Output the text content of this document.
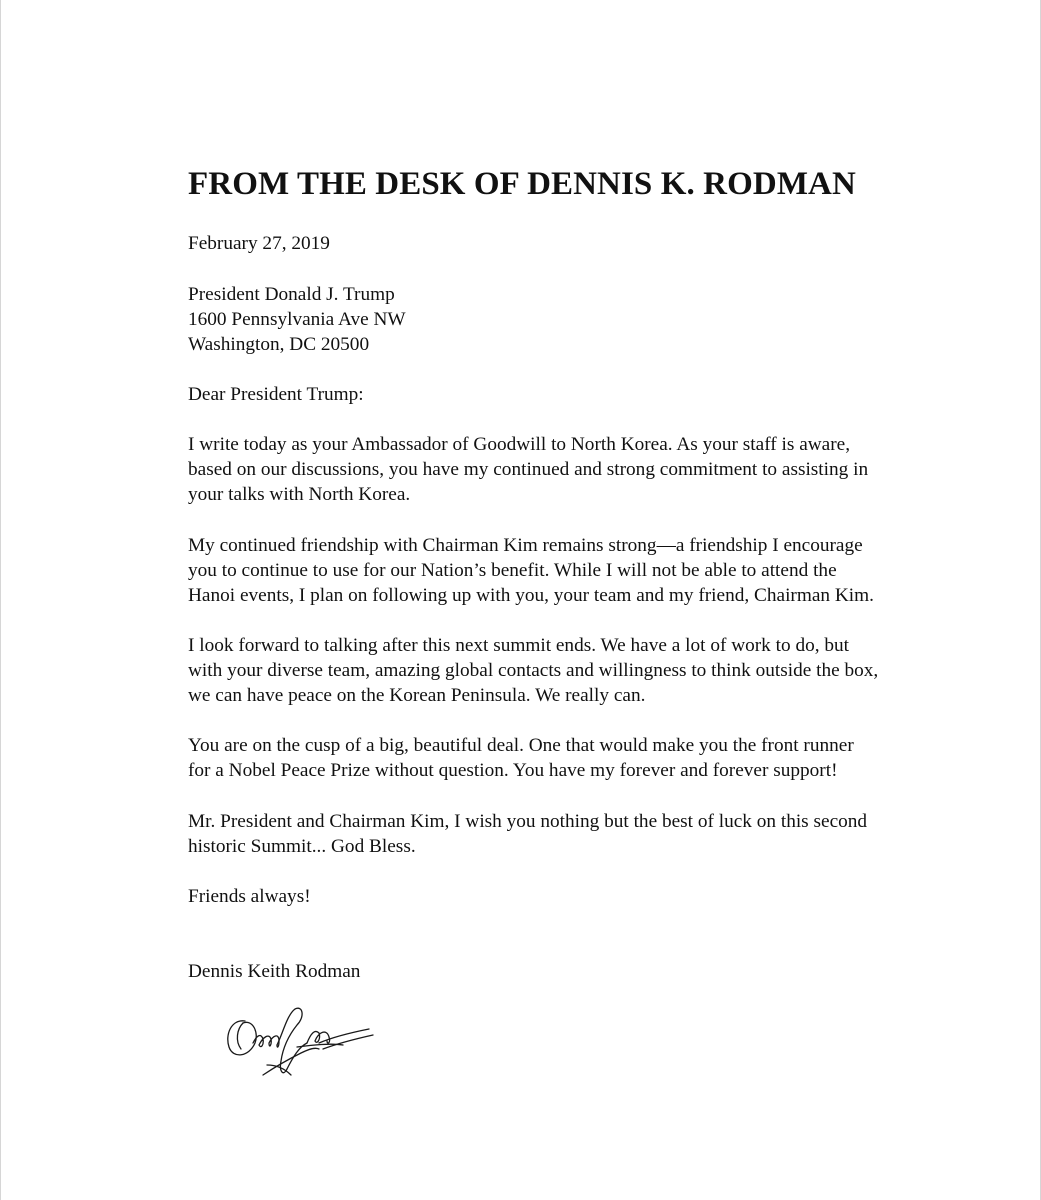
FROM THE DESK OF DENNIS K. RODMAN

February 27, 2019

President Donald J. Trump
1600 Pennsylvania Ave NW
Washington, DC 20500

Dear President Trump:

I write today as your Ambassador of Goodwill to North Korea. As your staff is aware,
based on our discussions, you have my continued and strong commitment to assisting in
your talks with North Korea.

My continued friendship with Chairman Kim remains strong—a friendship I encourage
you to continue to use for our Nation’s benefit. While I will not be able to attend the
Hanoi events, I plan on following up with you, your team and my friend, Chairman Kim.

I look forward to talking after this next summit ends. We have a lot of work to do, but
with your diverse team, amazing global contacts and willingness to think outside the box,
we can have peace on the Korean Peninsula. We really can.

You are on the cusp of a big, beautiful deal. One that would make you the front runner
for a Nobel Peace Prize without question. You have my forever and forever support!

Mr. President and Chairman Kim, I wish you nothing but the best of luck on this second
historic Summit... God Bless.

Friends always!

Dennis Keith Rodman
